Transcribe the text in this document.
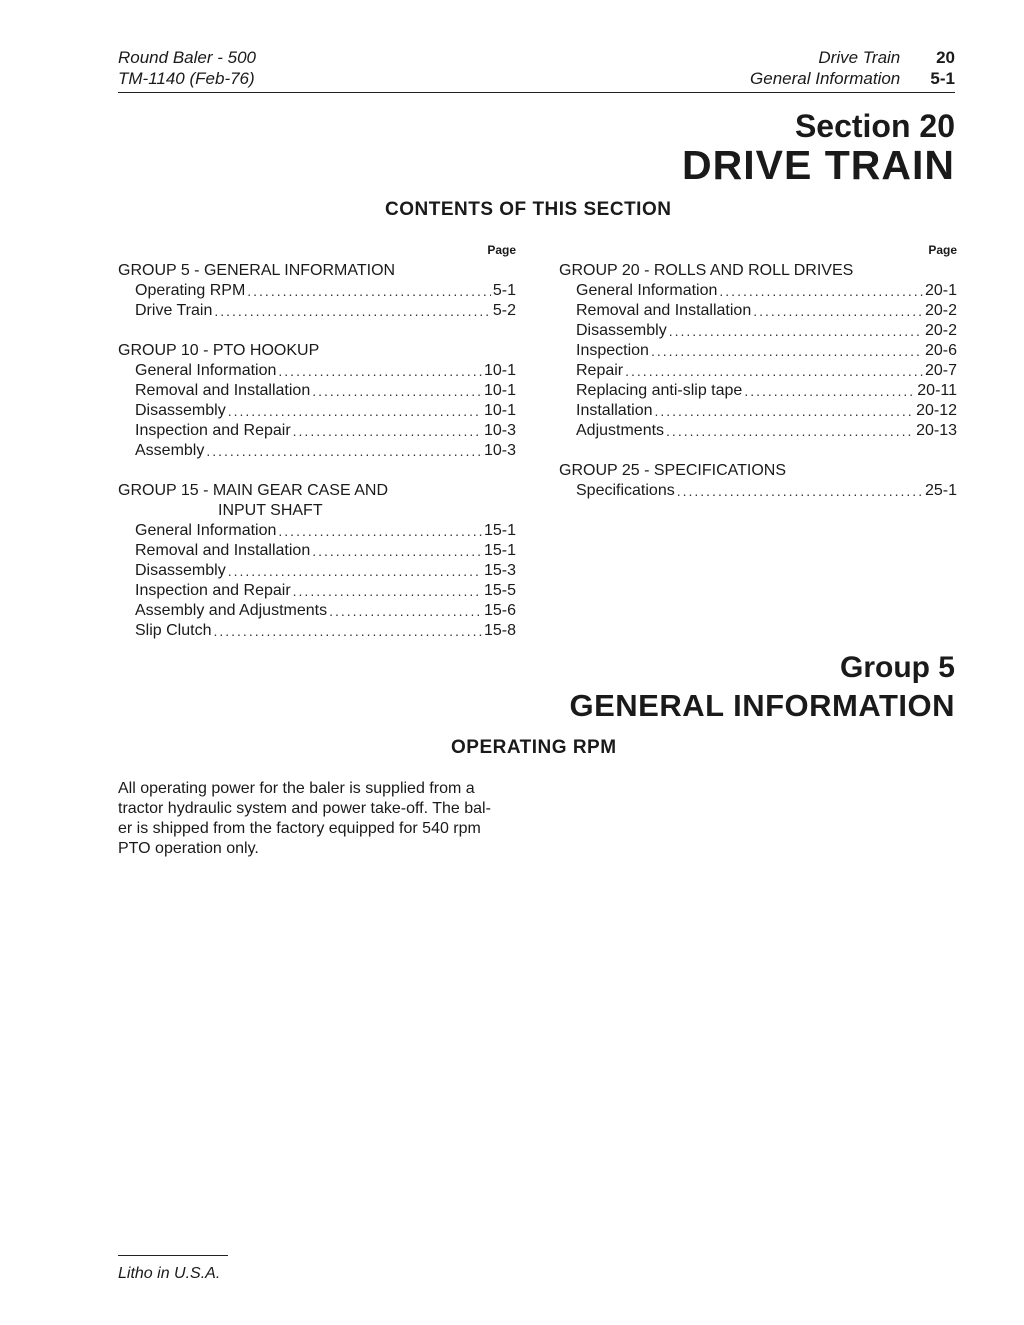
Round Baler - 500
TM-1140 (Feb-76)
Drive Train 20
General Information 5-1
Section 20
DRIVE TRAIN
CONTENTS OF THIS SECTION
Page
GROUP 5 - GENERAL INFORMATION
Operating RPM .....	5-1
Drive Train .....	5-2
GROUP 10 - PTO HOOKUP
General Information .....	10-1
Removal and Installation .....	10-1
Disassembly .....	10-1
Inspection and Repair .....	10-3
Assembly .....	10-3
GROUP 15 - MAIN GEAR CASE AND
INPUT SHAFT
General Information .....	15-1
Removal and Installation .....	15-1
Disassembly .....	15-3
Inspection and Repair .....	15-5
Assembly and Adjustments .....	15-6
Slip Clutch .....	15-8
Page
GROUP 20 - ROLLS AND ROLL DRIVES
General Information .....	20-1
Removal and Installation .....	20-2
Disassembly .....	20-2
Inspection .....	20-6
Repair .....	20-7
Replacing anti-slip tape .....	20-11
Installation .....	20-12
Adjustments .....	20-13
GROUP 25 - SPECIFICATIONS
Specifications .....	25-1
Group 5
GENERAL INFORMATION
OPERATING RPM
All operating power for the baler is supplied from a
tractor hydraulic system and power take-off. The bal-
er is shipped from the factory equipped for 540 rpm
PTO operation only.
Litho in U.S.A.
